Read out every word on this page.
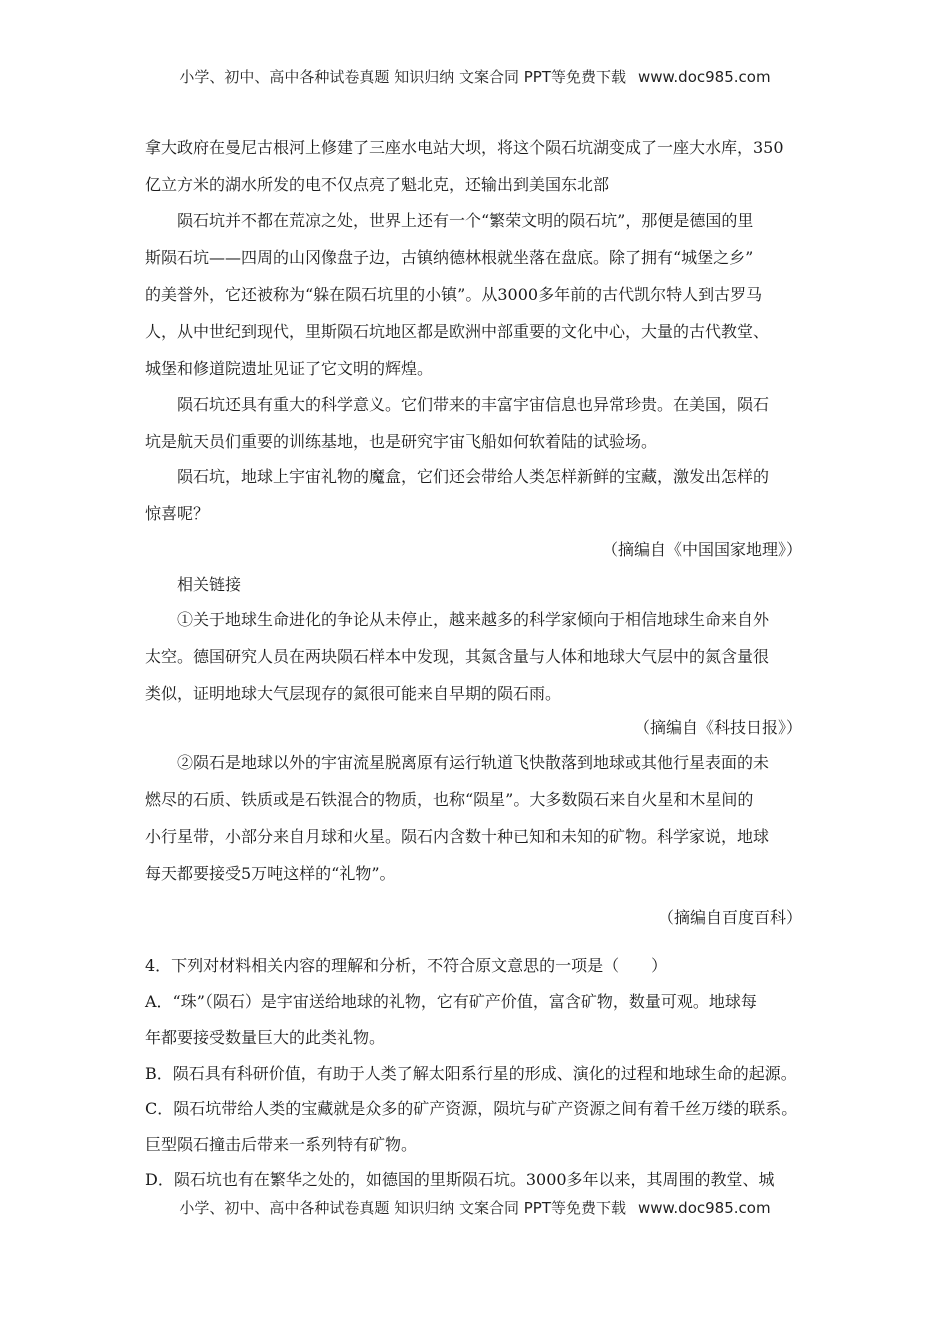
小学、初中、高中各种试卷真题 知识归纳 文案合同 PPT等免费下载 www.doc985.com
拿大政府在曼尼古根河上修建了三座水电站大坝，将这个陨石坑湖变成了一座大水库，350
亿立方米的湖水所发的电不仅点亮了魁北克，还输出到美国东北部
陨石坑并不都在荒凉之处，世界上还有一个“繁荣文明的陨石坑”，那便是德国的里
斯陨石坑——四周的山冈像盘子边，古镇纳德林根就坐落在盘底。除了拥有“城堡之乡”
的美誉外，它还被称为“躲在陨石坑里的小镇”。从3000多年前的古代凯尔特人到古罗马
人，从中世纪到现代，里斯陨石坑地区都是欧洲中部重要的文化中心，大量的古代教堂、
城堡和修道院遗址见证了它文明的辉煌。
陨石坑还具有重大的科学意义。它们带来的丰富宇宙信息也异常珍贵。在美国，陨石
坑是航天员们重要的训练基地，也是研究宇宙飞船如何软着陆的试验场。
陨石坑，地球上宇宙礼物的魔盒，它们还会带给人类怎样新鲜的宝藏，激发出怎样的
惊喜呢？
（摘编自《中国国家地理》）
相关链接
①关于地球生命进化的争论从未停止，越来越多的科学家倾向于相信地球生命来自外
太空。德国研究人员在两块陨石样本中发现，其氮含量与人体和地球大气层中的氮含量很
类似，证明地球大气层现存的氮很可能来自早期的陨石雨。
（摘编自《科技日报》）
②陨石是地球以外的宇宙流星脱离原有运行轨道飞快散落到地球或其他行星表面的未
燃尽的石质、铁质或是石铁混合的物质，也称“陨星”。大多数陨石来自火星和木星间的
小行星带，小部分来自月球和火星。陨石内含数十种已知和未知的矿物。科学家说，地球
每天都要接受5万吨这样的“礼物”。
（摘编自百度百科）
4．下列对材料相关内容的理解和分析，不符合原文意思的一项是（　　）
A．“珠”（陨石）是宇宙送给地球的礼物，它有矿产价值，富含矿物，数量可观。地球每
年都要接受数量巨大的此类礼物。
B．陨石具有科研价值，有助于人类了解太阳系行星的形成、演化的过程和地球生命的起源。
C．陨石坑带给人类的宝藏就是众多的矿产资源，陨坑与矿产资源之间有着千丝万缕的联系。
巨型陨石撞击后带来一系列特有矿物。
D．陨石坑也有在繁华之处的，如德国的里斯陨石坑。3000多年以来，其周围的教堂、城
小学、初中、高中各种试卷真题 知识归纳 文案合同 PPT等免费下载 www.doc985.com
